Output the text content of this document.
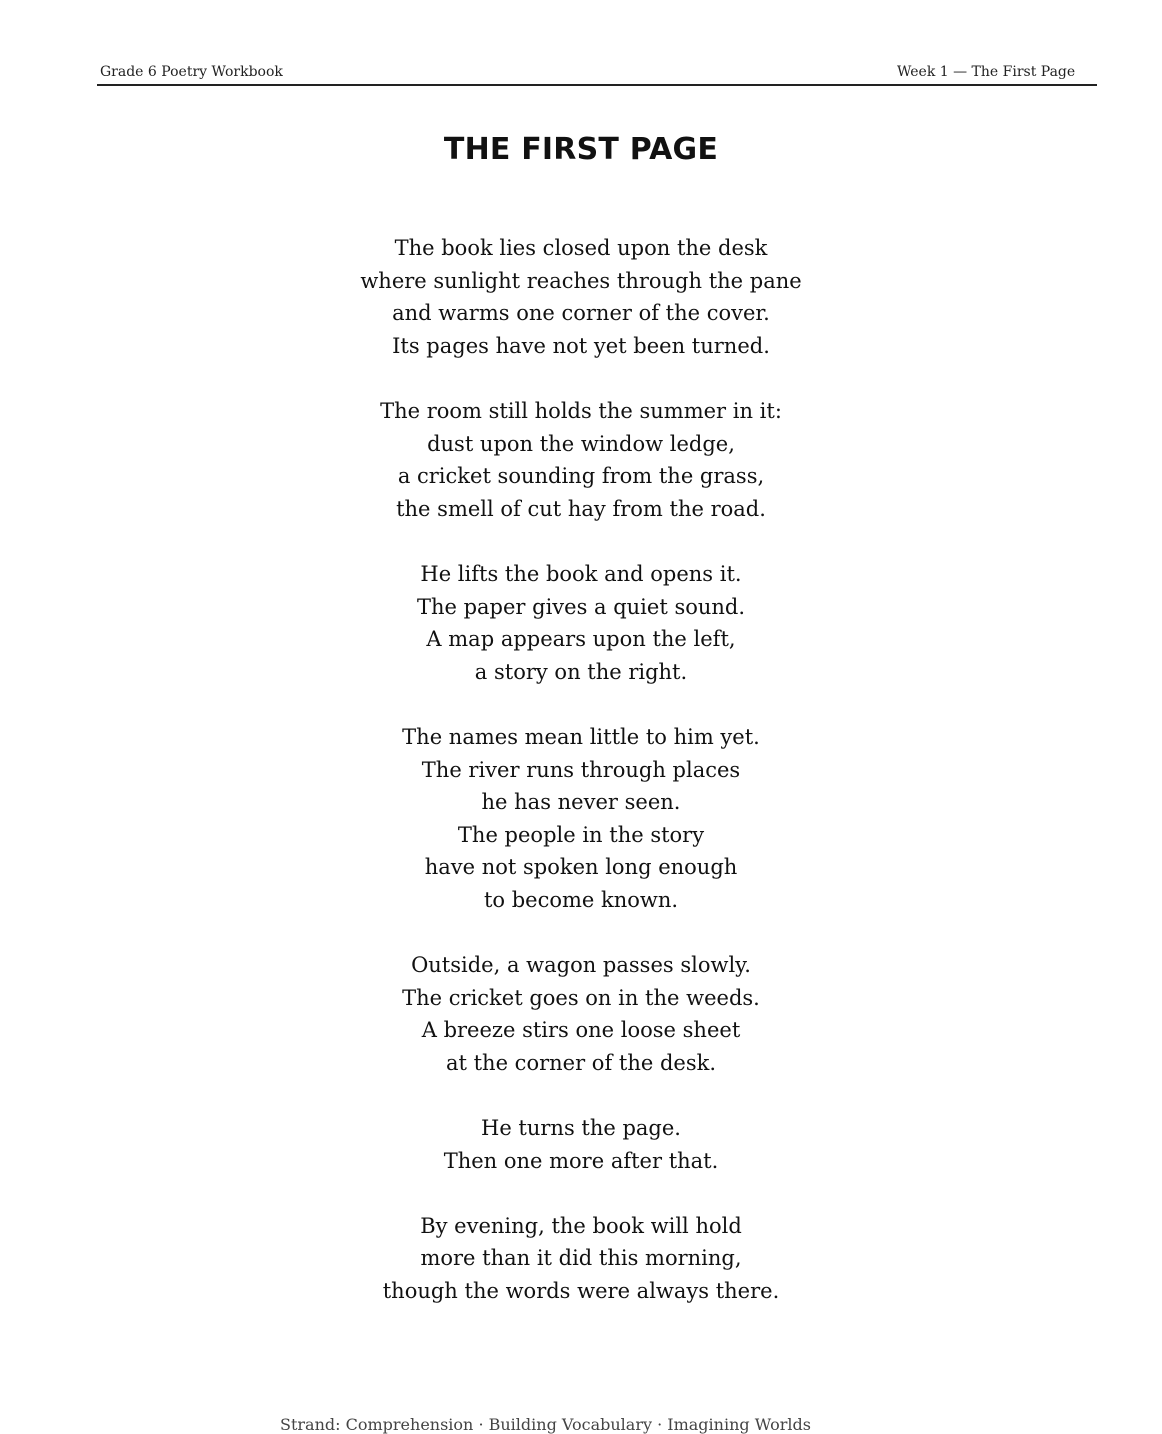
Grade 6 Poetry Workbook	Week 1 — The First Page
THE FIRST PAGE

The book lies closed upon the desk
where sunlight reaches through the pane
and warms one corner of the cover.
Its pages have not yet been turned.

The room still holds the summer in it:
dust upon the window ledge,
a cricket sounding from the grass,
the smell of cut hay from the road.

He lifts the book and opens it.
The paper gives a quiet sound.
A map appears upon the left,
a story on the right.

The names mean little to him yet.
The river runs through places
he has never seen.
The people in the story
have not spoken long enough
to become known.

Outside, a wagon passes slowly.
The cricket goes on in the weeds.
A breeze stirs one loose sheet
at the corner of the desk.

He turns the page.
Then one more after that.

By evening, the book will hold
more than it did this morning,
though the words were always there.

Strand: Comprehension · Building Vocabulary · Imagining Worlds
